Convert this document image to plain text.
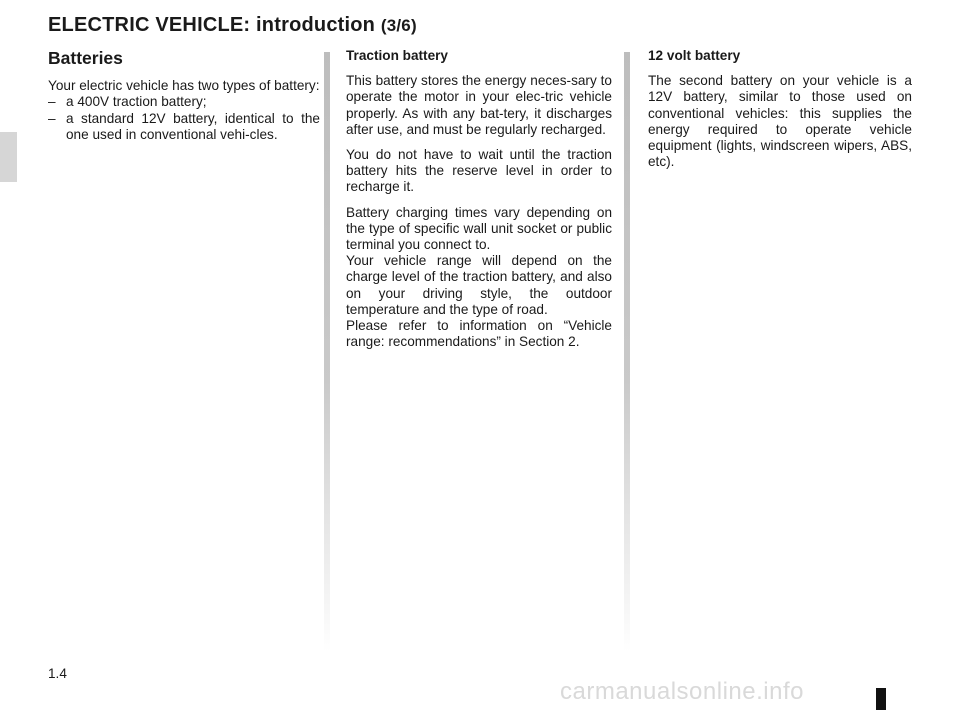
ELECTRIC VEHICLE: introduction (3/6)
Batteries

Your electric vehicle has two types of battery:

– a 400V traction battery;
– a standard 12V battery, identical to the one used in conventional vehi-cles.

Traction battery

This battery stores the energy neces-sary to operate the motor in your elec-tric vehicle properly. As with any bat-tery, it discharges after use, and must be regularly recharged.

You do not have to wait until the traction battery hits the reserve level in order to recharge it.

Battery charging times vary depending on the type of specific wall unit socket or public terminal you connect to.

Your vehicle range will depend on the charge level of the traction battery, and also on your driving style, the outdoor temperature and the type of road.

Please refer to information on “Vehicle range: recommendations” in Section 2.

12 volt battery

The second battery on your vehicle is a 12V battery, similar to those used on conventional vehicles: this supplies the energy required to operate vehicle equipment (lights, windscreen wipers, ABS, etc).

1.4
carmanualsonline.info
